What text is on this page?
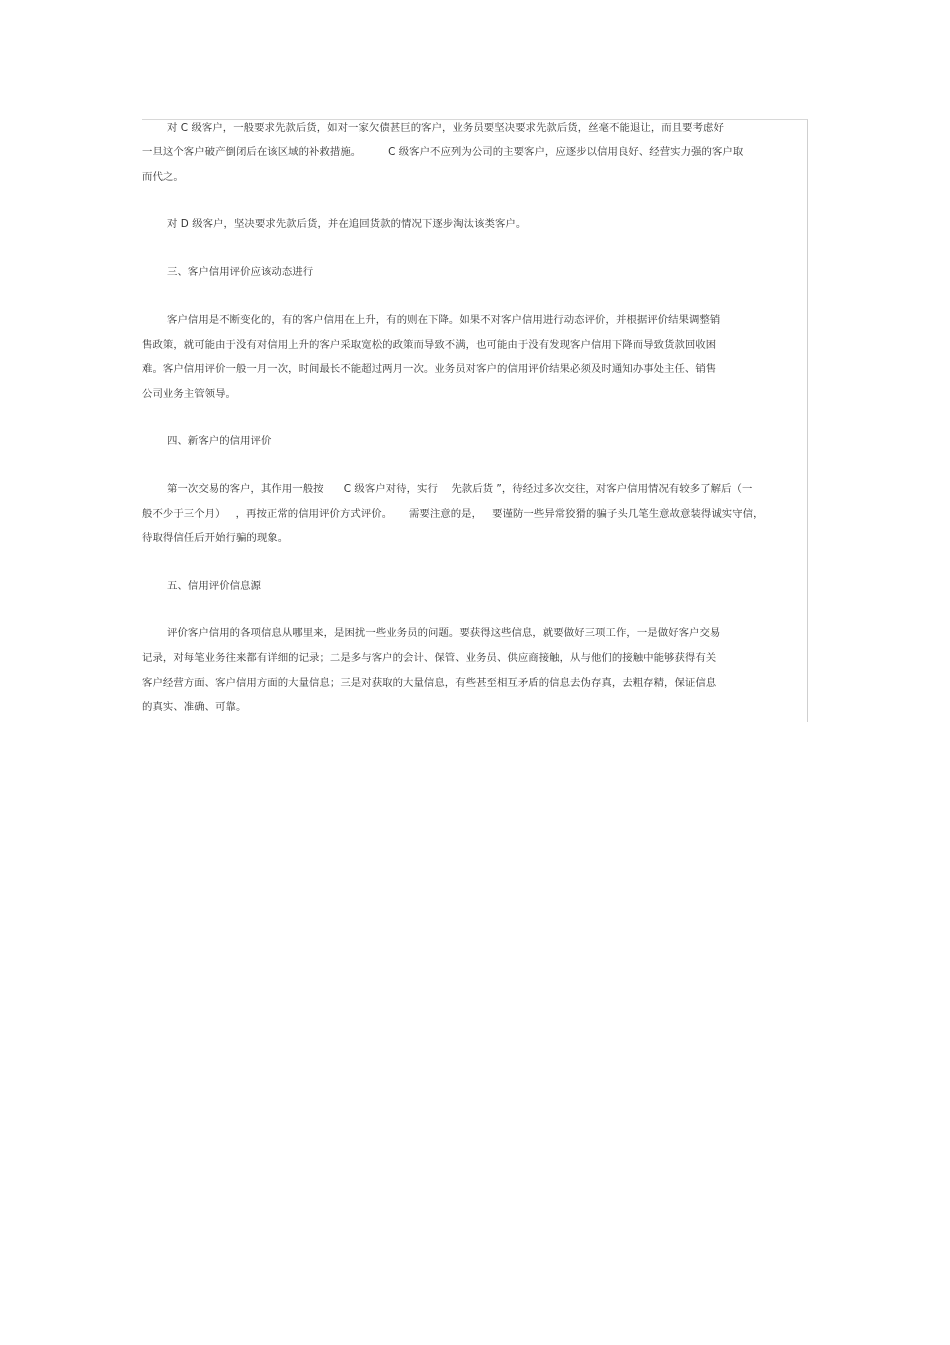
对 C 级客户，一般要求先款后货，如对一家欠债甚巨的客户，业务员要坚决要求先款后货，丝毫不能退让，而且要考虑好
一旦这个客户破产倒闭后在该区域的补救措施。        C 级客户不应列为公司的主要客户，应逐步以信用良好、经营实力强的客户取
而代之。
对 D 级客户，坚决要求先款后货，并在追回货款的情况下逐步淘汰该类客户。
三、客户信用评价应该动态进行
客户信用是不断变化的，有的客户信用在上升，有的则在下降。如果不对客户信用进行动态评价，并根据评价结果调整销
售政策，就可能由于没有对信用上升的客户采取宽松的政策而导致不满，也可能由于没有发现客户信用下降而导致货款回收困
难。客户信用评价一般一月一次，时间最长不能超过两月一次。业务员对客户的信用评价结果必须及时通知办事处主任、销售
公司业务主管领导。
四、新客户的信用评价
第一次交易的客户，其作用一般按      C 级客户对待，实行    先款后货 ”，待经过多次交往，对客户信用情况有较多了解后（一
般不少于三个月）   ，再按正常的信用评价方式评价。     需要注意的是，   要谨防一些异常狡猾的骗子头几笔生意故意装得诚实守信，
待取得信任后开始行骗的现象。
五、信用评价信息源
评价客户信用的各项信息从哪里来，是困扰一些业务员的问题。要获得这些信息，就要做好三项工作，一是做好客户交易
记录，对每笔业务往来都有详细的记录；二是多与客户的会计、保管、业务员、供应商接触，从与他们的接触中能够获得有关
客户经营方面、客户信用方面的大量信息；三是对获取的大量信息，有些甚至相互矛盾的信息去伪存真，去粗存精，保证信息
的真实、准确、可靠。
